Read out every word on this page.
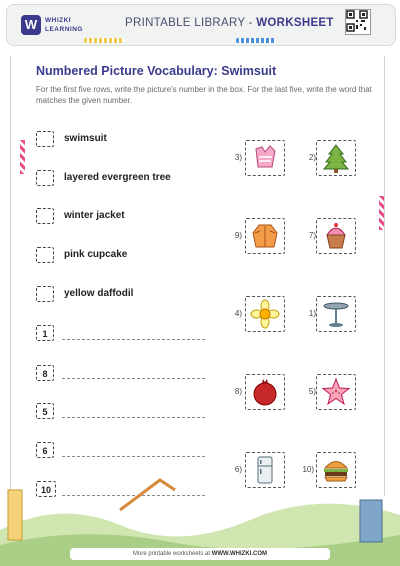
W	WHIZKI
LEARNING
PRINTABLE LIBRARY - WORKSHEET
Numbered Picture Vocabulary: Swimsuit
For the first five rows, write the picture's number in the box. For the last five, write the word that matches the given number.
swimsuit
layered evergreen tree
winter jacket
pink cupcake
yellow daffodil
1
8
5
6
10
3)	2)
9)	7)
4)	1)
8)	5)
6)	10)
More printable worksheets at WWW.WHIZKI.COM
